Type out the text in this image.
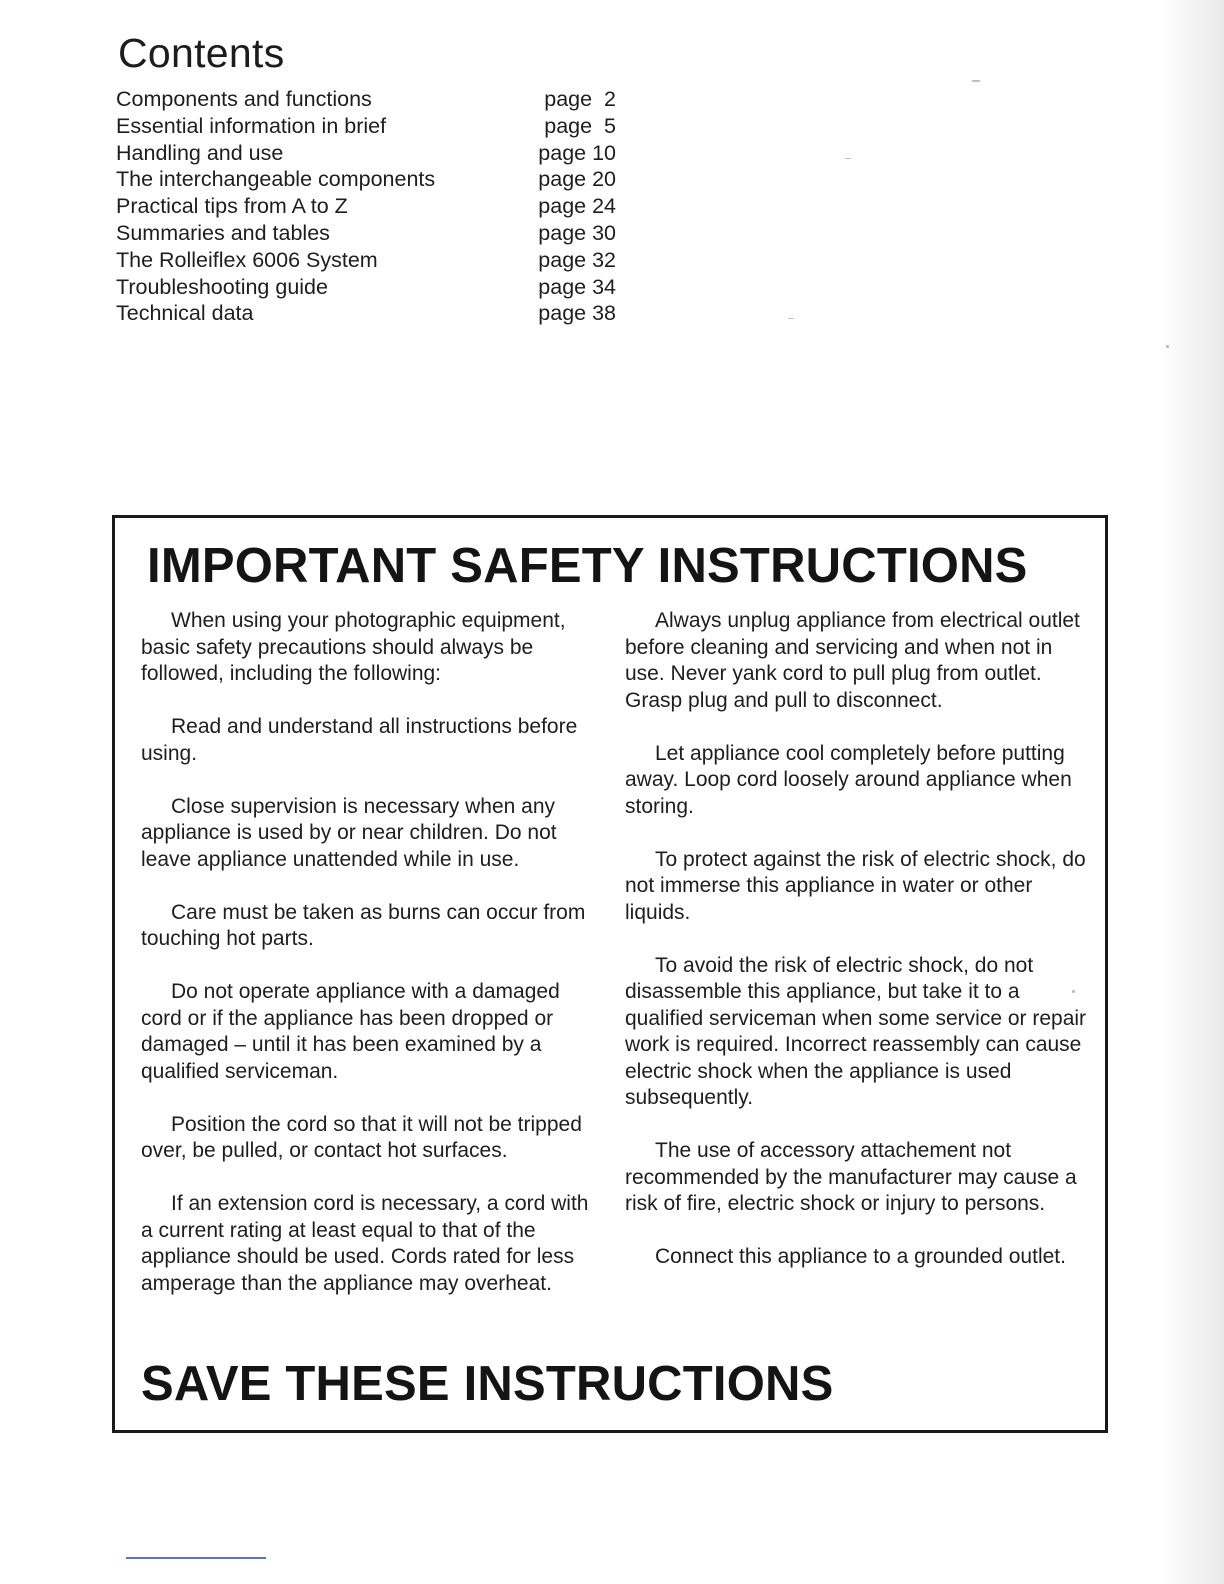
Contents
Components and functions	page  2
Essential information in brief	page  5
Handling and use	page 10
The interchangeable components	page 20
Practical tips from A to Z	page 24
Summaries and tables	page 30
The Rolleiflex 6006 System	page 32
Troubleshooting guide	page 34
Technical data	page 38
IMPORTANT SAFETY INSTRUCTIONS

When using your photographic equipment, basic safety precautions should always be followed, including the following:

Read and understand all instructions before using.

Close supervision is necessary when any appliance is used by or near children. Do not leave appliance unattended while in use.

Care must be taken as burns can occur from touching hot parts.

Do not operate appliance with a damaged cord or if the appliance has been dropped or damaged – until it has been examined by a qualified serviceman.

Position the cord so that it will not be tripped over, be pulled, or contact hot surfaces.

If an extension cord is necessary, a cord with a current rating at least equal to that of the appliance should be used. Cords rated for less amperage than the appliance may overheat.

Always unplug appliance from electrical outlet before cleaning and servicing and when not in use. Never yank cord to pull plug from outlet. Grasp plug and pull to disconnect.

Let appliance cool completely before putting away. Loop cord loosely around appliance when storing.

To protect against the risk of electric shock, do not immerse this appliance in water or other liquids.

To avoid the risk of electric shock, do not disassemble this appliance, but take it to a qualified serviceman when some service or repair work is required. Incorrect reassembly can cause electric shock when the appliance is used subsequently.

The use of accessory attachement not recommended by the manufacturer may cause a risk of fire, electric shock or injury to persons.

Connect this appliance to a grounded outlet.

SAVE THESE INSTRUCTIONS
